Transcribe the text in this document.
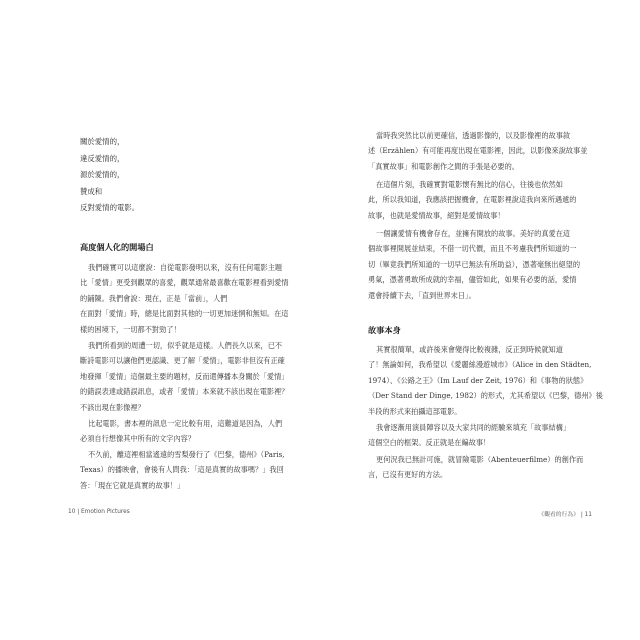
關於愛情的，
違反愛情的，
源於愛情的，
贊成和
反對愛情的電影。
高度個人化的開場白
我們確實可以這麼說：自從電影發明以來，沒有任何電影主題
比「愛情」更受到觀眾的喜愛，觀眾通常最喜歡在電影裡看到愛情
的鋪陳。我們會說：現在，正是「當前」，人們
在面對「愛情」時，總是比面對其他的一切更加迷惘和無知。在這
樣的困境下，一切都不對勁了！
我們所看到的周遭一切，似乎就是這樣。人們長久以來，已不
斷詩電影可以讓他們更認識、更了解「愛情」，電影非但沒有正確
地發揮「愛情」這個最主要的題材，反而還傳播本身關於「愛情」
的錯誤表達或錯誤訊息，或者「愛情」本來就不該出現在電影裡？
不該出現在影像裡？
比起電影，書本裡的訊息一定比較有用，這難道是因為，人們
必須自行想像其中所有的文字內容？
不久前，離這裡相當遙遠的雪梨發行了《巴黎，德州》（Paris,
Texas）的播映會，會後有人問我：「這是真實的故事嗎？」我回
答：「現在它就是真實的故事！」
10 | Emotion Pictures
當時我突然比以前更確信，透過影像的，以及影像裡的故事敘
述（Erzählen）有可能再度出現在電影裡，因此，以影像來說故事並
「真實故事」和電影創作之間的手張是必要的。
在這個片刻，我確實對電影懷有無比的信心，往後也依然如
此，所以我知道，我應該把握機會，在電影裡說這我向來所遇遞的
故事，也就是愛情故事，絕對是愛情故事！
一個讓愛情有機會存在，並擁有開放的故事。美好的真愛在這
個故事裡開展並結束，不借一切代價，而且不考慮我們所知道的一
切（畢竟我們所知道的一切早已無法有所助益），憑著毫無出絕望的
勇氣，憑著勇敢所成就的幸福，儘管如此，如果有必要的話，愛情
還會持續下去，「直到世界末日」。
故事本身
其實很簡單，或許後來會變得比較複雜，反正到時候就知道
了！無論如何，我希望以《愛麗絲漫遊城市》（Alice in den Städten,
1974）、《公路之王》（Im Lauf der Zeit, 1976）和《事物的狀態》
（Der Stand der Dinge, 1982）的形式，尤其希望以《巴黎，德州》後
半段的形式來拍攝這部電影。
我會逐漸用演員陣容以及大家共同的經驗來填充「故事結構」
這個空白的框架。反正就是在編故事！
更何況我已無計可施，就冒險電影（Abenteuerfilme）的創作而
言，已沒有更好的方法。
《觀看的行為》 | 11
